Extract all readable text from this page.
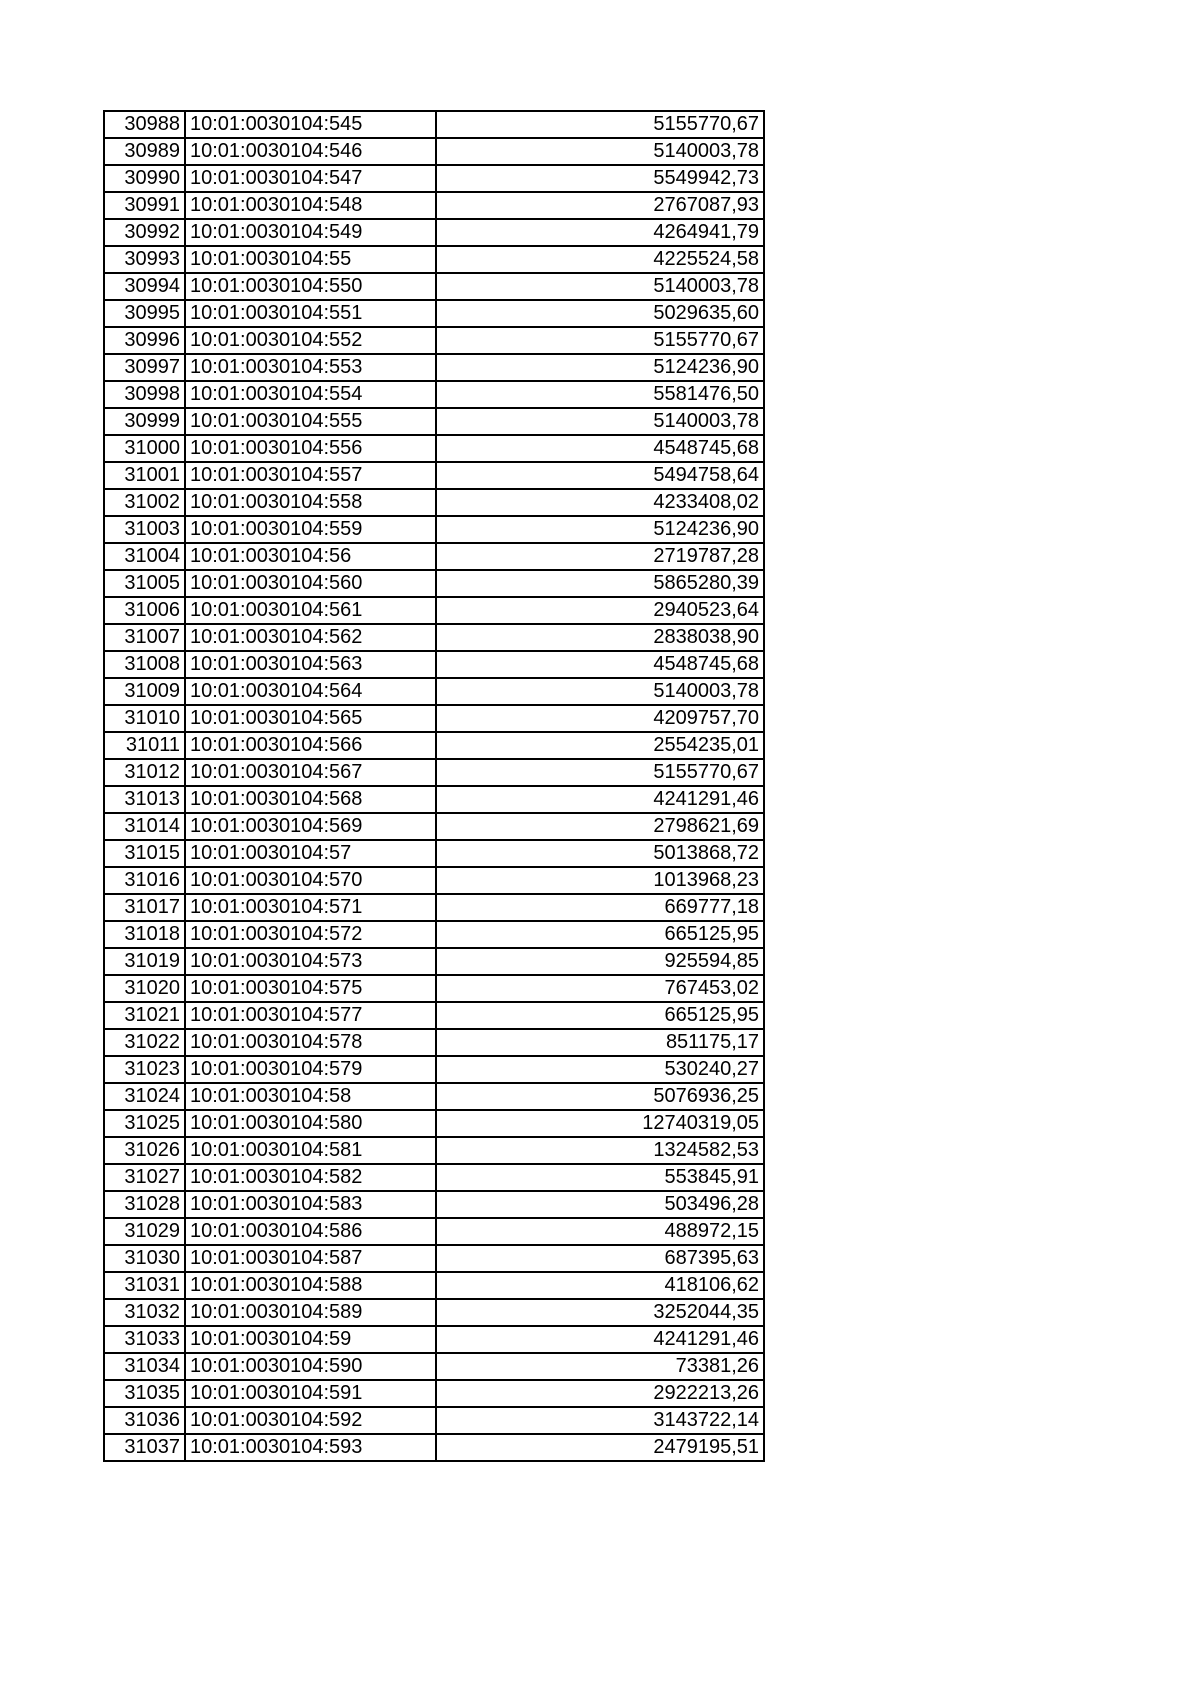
30988	10:01:0030104:545	5155770,67
30989	10:01:0030104:546	5140003,78
30990	10:01:0030104:547	5549942,73
30991	10:01:0030104:548	2767087,93
30992	10:01:0030104:549	4264941,79
30993	10:01:0030104:55	4225524,58
30994	10:01:0030104:550	5140003,78
30995	10:01:0030104:551	5029635,60
30996	10:01:0030104:552	5155770,67
30997	10:01:0030104:553	5124236,90
30998	10:01:0030104:554	5581476,50
30999	10:01:0030104:555	5140003,78
31000	10:01:0030104:556	4548745,68
31001	10:01:0030104:557	5494758,64
31002	10:01:0030104:558	4233408,02
31003	10:01:0030104:559	5124236,90
31004	10:01:0030104:56	2719787,28
31005	10:01:0030104:560	5865280,39
31006	10:01:0030104:561	2940523,64
31007	10:01:0030104:562	2838038,90
31008	10:01:0030104:563	4548745,68
31009	10:01:0030104:564	5140003,78
31010	10:01:0030104:565	4209757,70
31011	10:01:0030104:566	2554235,01
31012	10:01:0030104:567	5155770,67
31013	10:01:0030104:568	4241291,46
31014	10:01:0030104:569	2798621,69
31015	10:01:0030104:57	5013868,72
31016	10:01:0030104:570	1013968,23
31017	10:01:0030104:571	669777,18
31018	10:01:0030104:572	665125,95
31019	10:01:0030104:573	925594,85
31020	10:01:0030104:575	767453,02
31021	10:01:0030104:577	665125,95
31022	10:01:0030104:578	851175,17
31023	10:01:0030104:579	530240,27
31024	10:01:0030104:58	5076936,25
31025	10:01:0030104:580	12740319,05
31026	10:01:0030104:581	1324582,53
31027	10:01:0030104:582	553845,91
31028	10:01:0030104:583	503496,28
31029	10:01:0030104:586	488972,15
31030	10:01:0030104:587	687395,63
31031	10:01:0030104:588	418106,62
31032	10:01:0030104:589	3252044,35
31033	10:01:0030104:59	4241291,46
31034	10:01:0030104:590	73381,26
31035	10:01:0030104:591	2922213,26
31036	10:01:0030104:592	3143722,14
31037	10:01:0030104:593	2479195,51
